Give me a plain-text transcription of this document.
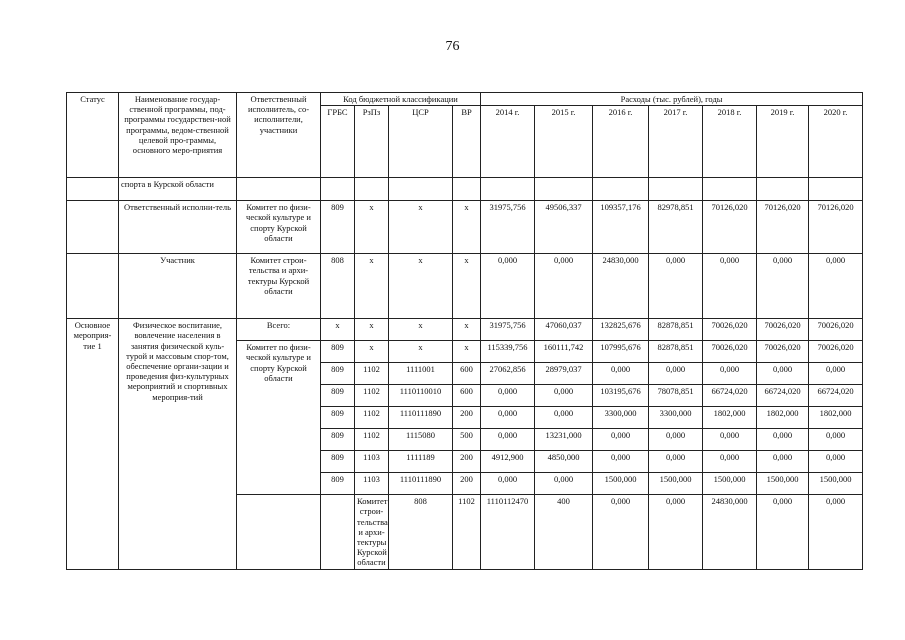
76
Статус	Наименование государ-ственной программы, под-программы государствен-ной программы, ведом-ственной целевой про-граммы, основного меро-приятия	Ответственный исполнитель, со-исполнители, участники	Код бюджетной классификации				Расходы (тыс. рублей), годы							
			ГРБС	РзПз	ЦСР	ВР	2014 г.	2015 г.	2016 г.	2017 г.	2018 г.	2019 г.	2020 г.	
	спорта в Курской области													
	Ответственный исполни-тель	Комитет по физи-ческой культуре и спорту Курской области	809	х	х	х	31975,756	49506,337	109357,176	82978,851	70126,020	70126,020	70126,020	
	Участник	Комитет строи-тельства и архи-тектуры Курской области	808	х	х	х	0,000	0,000	24830,000	0,000	0,000	0,000	0,000	
Основное мероприя-тие 1	Физическое воспитание, вовлечение населения в занятия физической куль-турой и массовым спор-том, обеспечение органи-зации и проведения физ-культурных мероприятий и спортивных мероприя-тий	Всего:	х	х	х	х	31975,756	47060,037	132825,676	82878,851	70026,020	70026,020	70026,020	
		Комитет по физи-ческой культуре и спорту Курской области	809	х	х	х	115339,756	160111,742	107995,676	82878,851	70026,020	70026,020	70026,020	
			809	1102	1111001	600	27062,856	28979,037	0,000	0,000	0,000	0,000	0,000	
			809	1102	1110110010	600	0,000	0,000	103195,676	78078,851	66724,020	66724,020	66724,020	
			809	1102	1110111890	200	0,000	0,000	3300,000	3300,000	1802,000	1802,000	1802,000	
			809	1102	1115080	500	0,000	13231,000	0,000	0,000	0,000	0,000	0,000	
			809	1103	1111189	200	4912,900	4850,000	0,000	0,000	0,000	0,000	0,000	
			809	1103	1110111890	200	0,000	0,000	1500,000	1500,000	1500,000	1500,000	1500,000	
				Комитет строи-тельства и архи-тектуры Курской области	808	1102	1110112470	400	0,000	0,000	24830,000	0,000	0,000		
